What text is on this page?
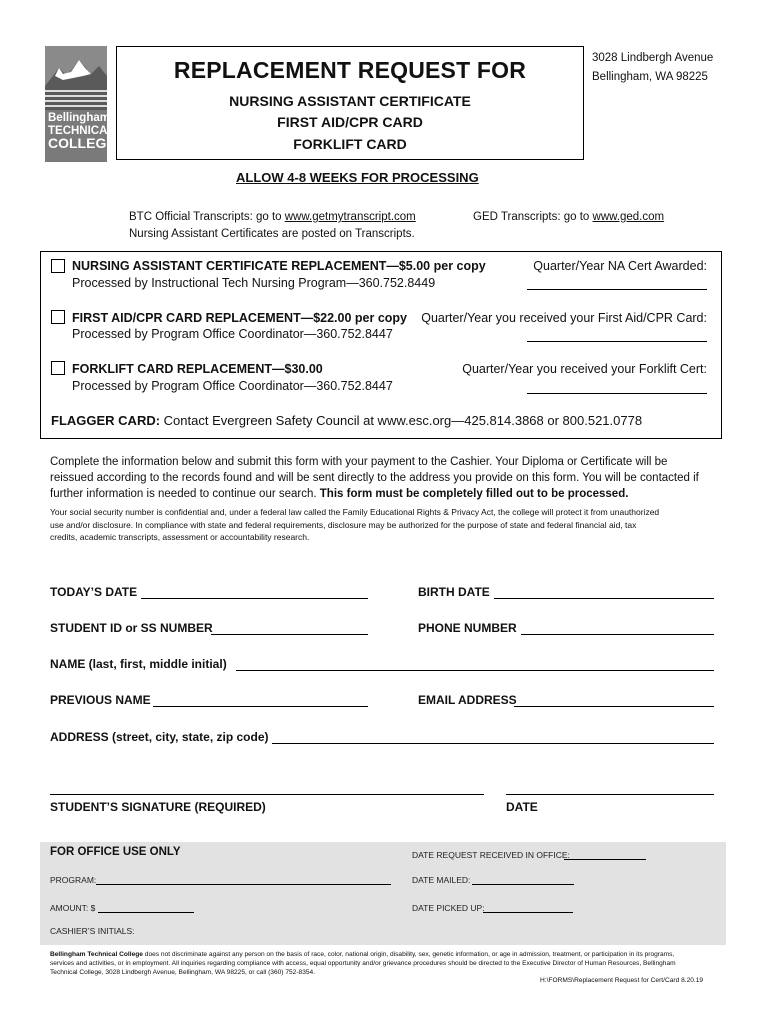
Bellingham
TECHNICAL
COLLEGE
REPLACEMENT REQUEST FOR
NURSING ASSISTANT CERTIFICATE
FIRST AID/CPR CARD
FORKLIFT CARD
3028 Lindbergh Avenue
Bellingham, WA 98225
ALLOW 4-8 WEEKS FOR PROCESSING
BTC Official Transcripts: go to www.getmytranscript.com	GED Transcripts: go to www.ged.com
Nursing Assistant Certificates are posted on Transcripts.
NURSING ASSISTANT CERTIFICATE REPLACEMENT—$5.00 per copy
Processed by Instructional Tech Nursing Program—360.752.8449
Quarter/Year NA Cert Awarded:
FIRST AID/CPR CARD REPLACEMENT—$22.00 per copy
Processed by Program Office Coordinator—360.752.8447
Quarter/Year you received your First Aid/CPR Card:
FORKLIFT CARD REPLACEMENT—$30.00
Processed by Program Office Coordinator—360.752.8447
Quarter/Year you received your Forklift Cert:
FLAGGER CARD: Contact Evergreen Safety Council at www.esc.org—425.814.3868 or 800.521.0778
Complete the information below and submit this form with your payment to the Cashier. Your Diploma or Certificate will be
reissued according to the records found and will be sent directly to the address you provide on this form. You will be contacted if
further information is needed to continue our search. This form must be completely filled out to be processed.
Your social security number is confidential and, under a federal law called the Family Educational Rights & Privacy Act, the college will protect it from unauthorized
use and/or disclosure. In compliance with state and federal requirements, disclosure may be authorized for the purpose of state and federal financial aid, tax
credits, academic transcripts, assessment or accountability research.
TODAY’S DATE	BIRTH DATE
STUDENT ID or SS NUMBER	PHONE NUMBER
NAME (last, first, middle initial)
PREVIOUS NAME	EMAIL ADDRESS
ADDRESS (street, city, state, zip code)
STUDENT’S SIGNATURE (REQUIRED)	DATE
FOR OFFICE USE ONLY	DATE REQUEST RECEIVED IN OFFICE:
PROGRAM:	DATE MAILED:
AMOUNT: $	DATE PICKED UP:
CASHIER’S INITIALS:
Bellingham Technical College does not discriminate against any person on the basis of race, color, national origin, disability, sex, genetic information, or age in admission, treatment, or participation in its programs,
services and activities, or in employment. All inquiries regarding compliance with access, equal opportunity and/or grievance procedures should be directed to the Executive Director of Human Resources, Bellingham
Technical College, 3028 Lindbergh Avenue, Bellingham, WA 98225, or call (360) 752-8354.
H:\FORMS\Replacement Request for Cert/Card 8.20.19
